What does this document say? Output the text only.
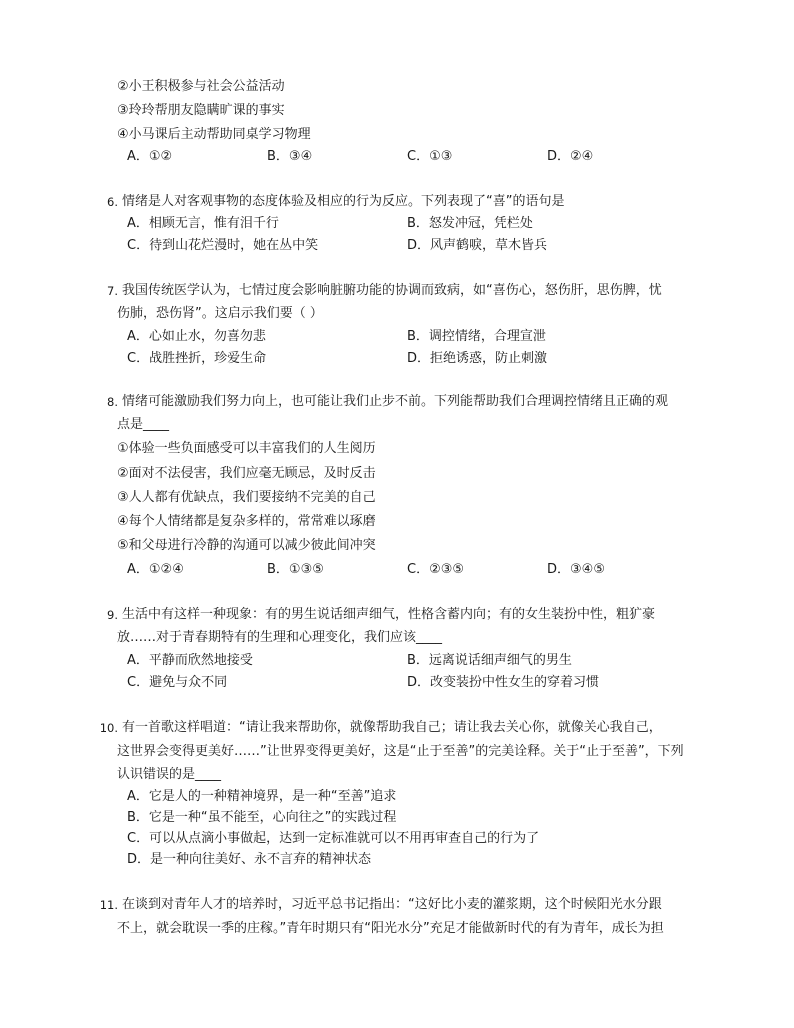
②小王积极参与社会公益活动
③玲玲帮朋友隐瞒旷课的事实
④小马课后主动帮助同桌学习物理
A．①②	B．③④	C．①③	D．②④
6. 情绪是人对客观事物的态度体验及相应的行为反应。下列表现了“喜”的语句是
A．相顾无言，惟有泪千行	B．怒发冲冠，凭栏处
C．待到山花烂漫时，她在丛中笑	D．风声鹤唳，草木皆兵
7. 我国传统医学认为，七情过度会影响脏腑功能的协调而致病，如“喜伤心，怒伤肝，思伤脾，忧
伤肺，恐伤肾”。这启示我们要（ ）
A．心如止水，勿喜勿悲	B．调控情绪，合理宣泄
C．战胜挫折，珍爱生命	D．拒绝诱惑，防止刺激
8. 情绪可能激励我们努力向上，也可能让我们止步不前。下列能帮助我们合理调控情绪且正确的观
点是____
①体验一些负面感受可以丰富我们的人生阅历
②面对不法侵害，我们应毫无顾忌，及时反击
③人人都有优缺点，我们要接纳不完美的自己
④每个人情绪都是复杂多样的，常常难以琢磨
⑤和父母进行冷静的沟通可以减少彼此间冲突
A．①②④	B．①③⑤	C．②③⑤	D．③④⑤
9. 生活中有这样一种现象：有的男生说话细声细气，性格含蓄内向；有的女生装扮中性，粗犷豪
放……对于青春期特有的生理和心理变化，我们应该____
A．平静而欣然地接受	B．远离说话细声细气的男生
C．避免与众不同	D．改变装扮中性女生的穿着习惯
10. 有一首歌这样唱道：“请让我来帮助你，就像帮助我自己；请让我去关心你，就像关心我自己，
这世界会变得更美好……”让世界变得更美好，这是“止于至善”的完美诠释。关于“止于至善”，下列
认识错误的是____
A．它是人的一种精神境界，是一种“至善”追求
B．它是一种“虽不能至，心向往之”的实践过程
C．可以从点滴小事做起，达到一定标准就可以不用再审查自己的行为了
D．是一种向往美好、永不言弃的精神状态
11. 在谈到对青年人才的培养时，习近平总书记指出：“这好比小麦的灌浆期，这个时候阳光水分跟
不上，就会耽误一季的庄稼。”青年时期只有“阳光水分”充足才能做新时代的有为青年，成长为担
